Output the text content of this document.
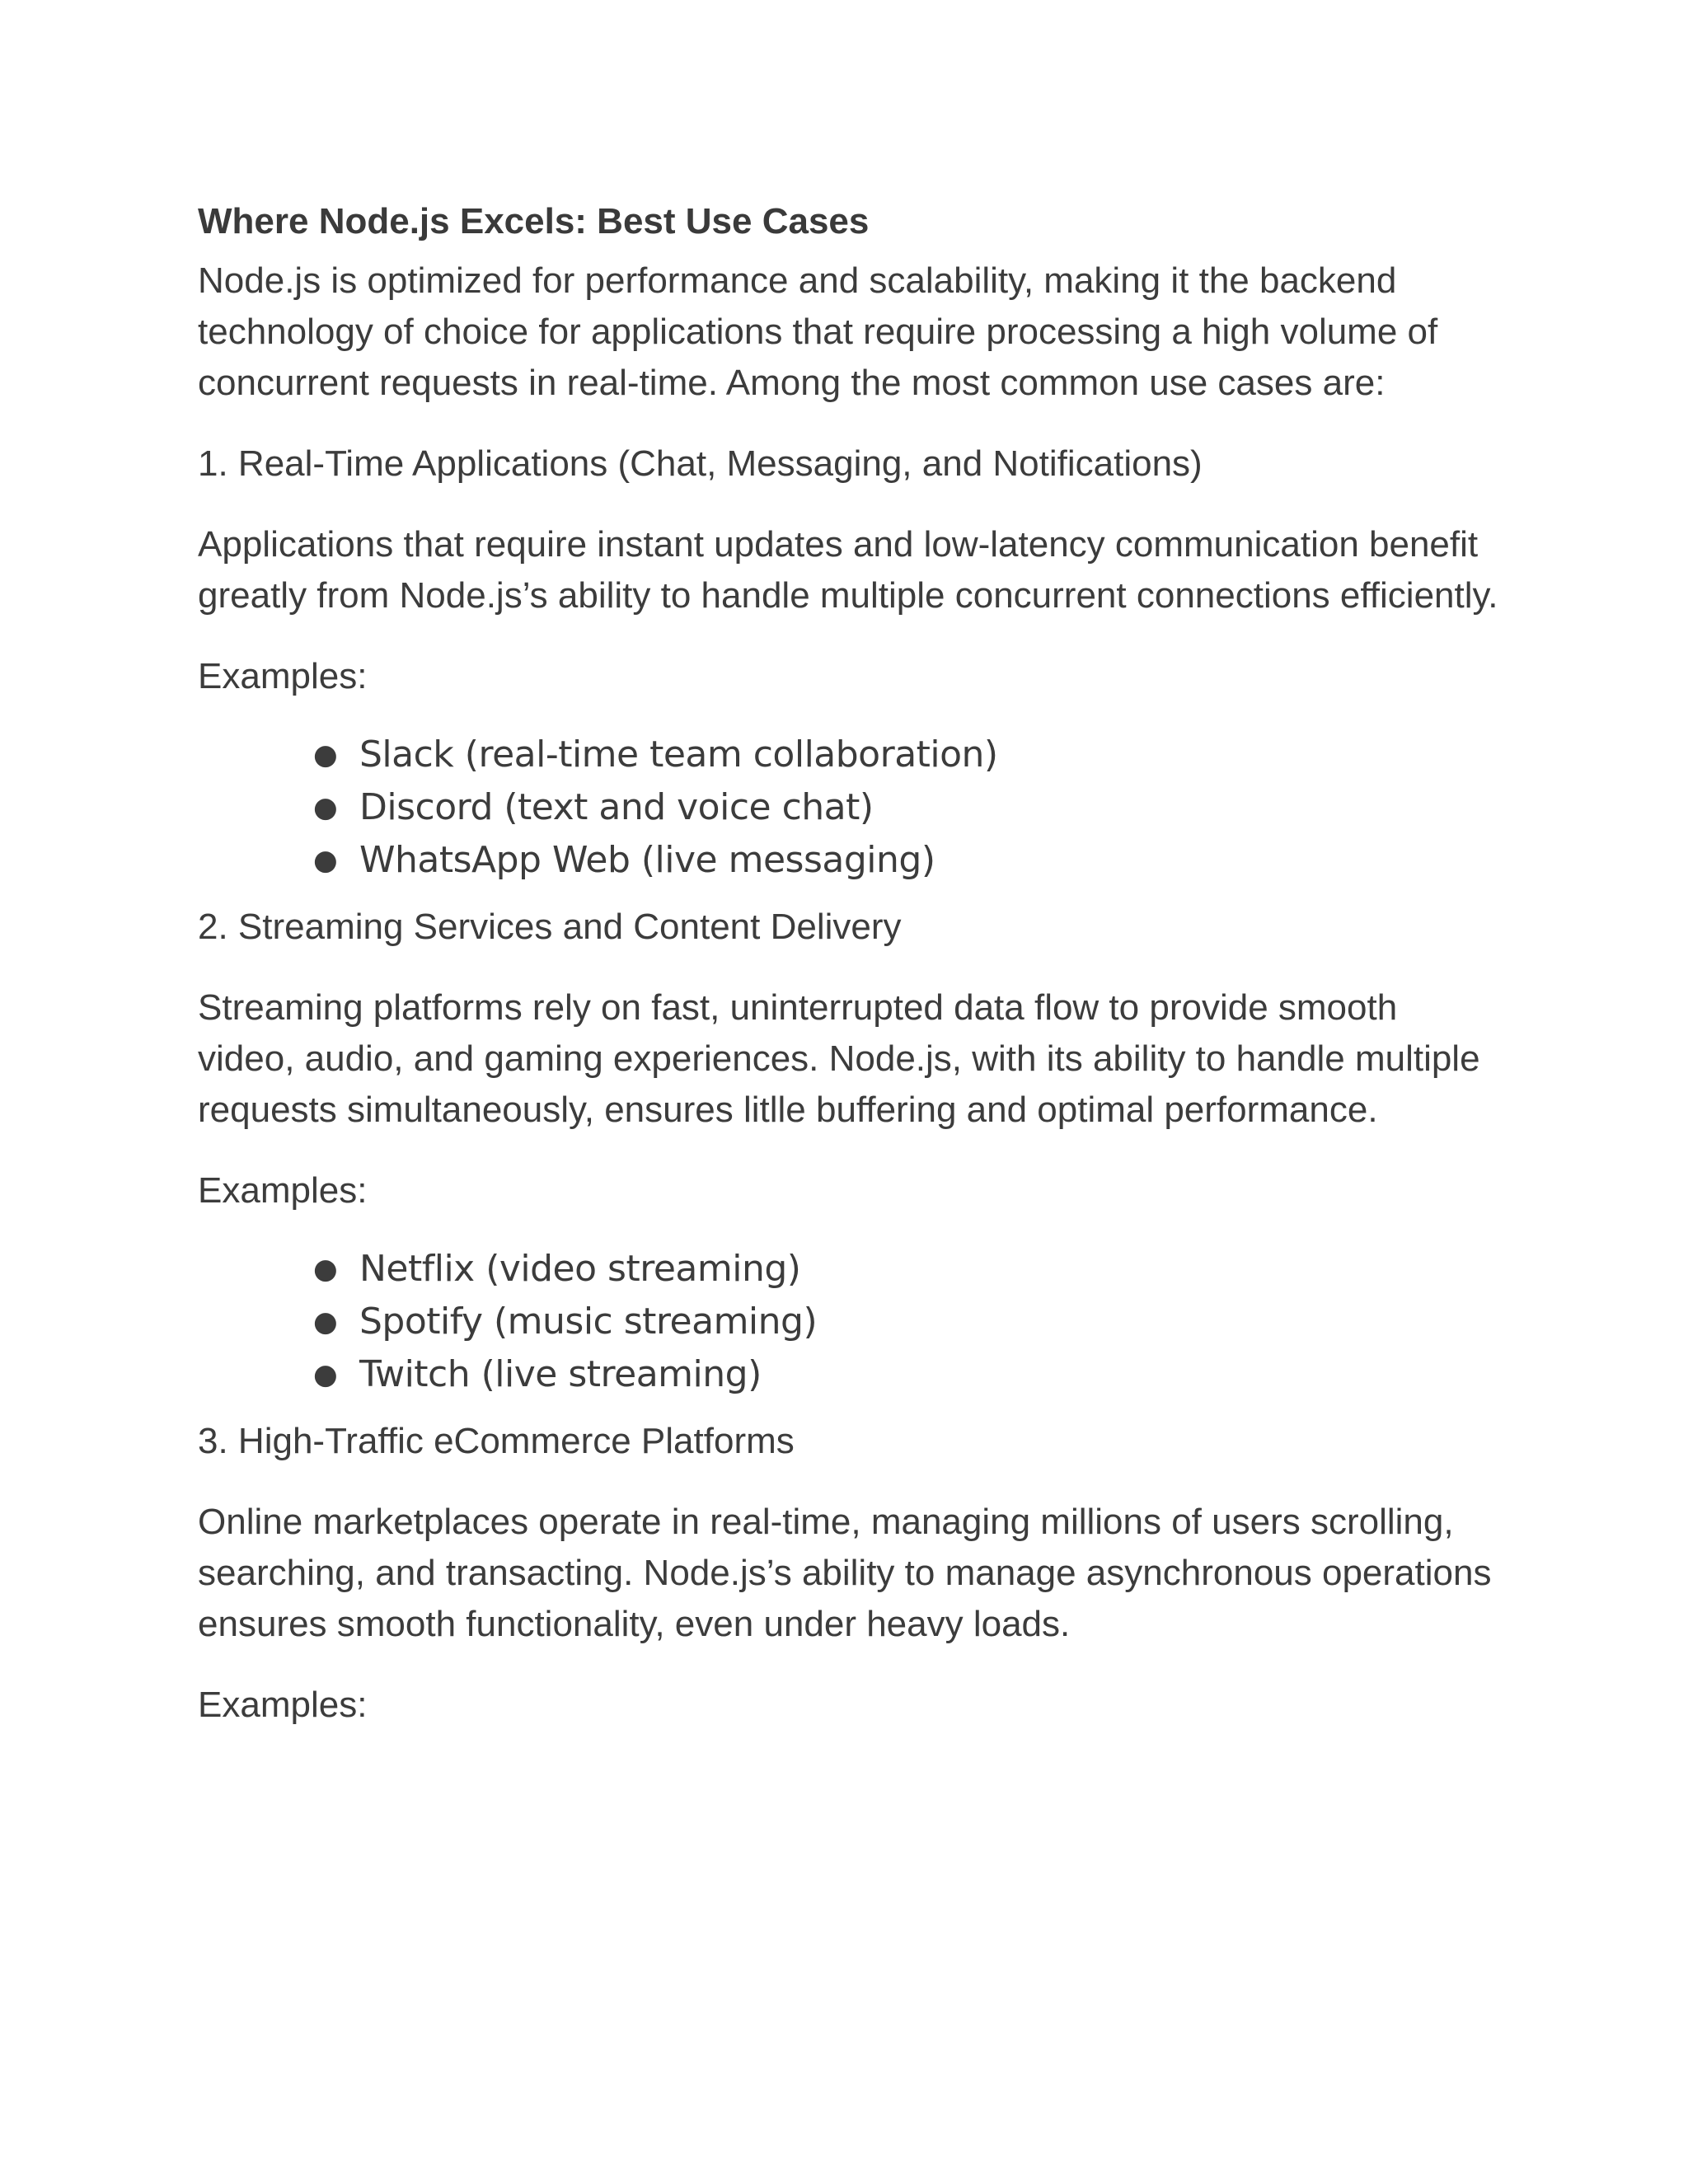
Where Node.js Excels: Best Use Cases

Node.js is optimized for performance and scalability, making it the backend technology of choice for applications that require processing a high volume of concurrent requests in real-time. Among the most common use cases are:

1. Real-Time Applications (Chat, Messaging, and Notifications)

Applications that require instant updates and low-latency communication benefit greatly from Node.js’s ability to handle multiple concurrent connections efficiently.

Examples:

● Slack (real-time team collaboration)
● Discord (text and voice chat)
● WhatsApp Web (live messaging)

2. Streaming Services and Content Delivery

Streaming platforms rely on fast, uninterrupted data flow to provide smooth video, audio, and gaming experiences. Node.js, with its ability to handle multiple requests simultaneously, ensures litlle buffering and optimal performance.

Examples:

● Netflix (video streaming)
● Spotify (music streaming)
● Twitch (live streaming)

3. High-Traffic eCommerce Platforms

Online marketplaces operate in real-time, managing millions of users scrolling, searching, and transacting. Node.js’s ability to manage asynchronous operations ensures smooth functionality, even under heavy loads.

Examples:
